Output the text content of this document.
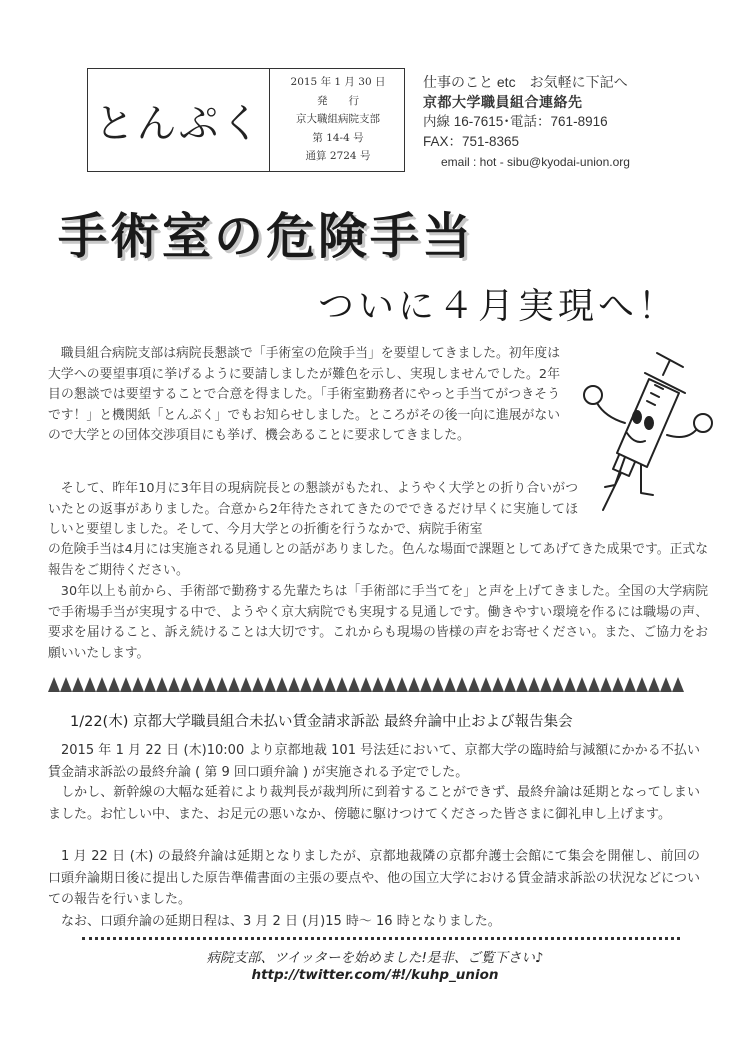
とんぷく
2015 年 1 月 30 日
発　　行
京大職組病院支部
第 14-4 号
通算 2724 号
仕事のこと etc　お気軽に下記へ
京都大学職員組合連絡先
内線 16-7615･電話：761-8916
FAX：751-8365
email : hot - sibu@kyodai-union.org
手術室の危険手当
ついに４月実現へ！

職員組合病院支部は病院長懇談で「手術室の危険手当」を要望してきました。初年度は大学への要望事項に挙げるように要請しましたが難色を示し、実現しませんでした。2年目の懇談では要望することで合意を得ました。「手術室勤務者にやっと手当てがつきそうです！」と機関紙「とんぷく」でもお知らせしました。ところがその後一向に進展がないので大学との団体交渉項目にも挙げ、機会あることに要求してきました。

そして、昨年10月に3年目の現病院長との懇談がもたれ、ようやく大学との折り合いがついたとの返事がありました。合意から2年待たされてきたのでできるだけ早くに実施してほしいと要望しました。そして、今月大学との折衝を行うなかで、病院手術室

の危険手当は4月には実施される見通しとの話がありました。色んな場面で課題としてあげてきた成果です。正式な報告をご期待ください。

30年以上も前から、手術部で勤務する先輩たちは「手術部に手当てを」と声を上げてきました。全国の大学病院で手術場手当が実現する中で、ようやく京大病院でも実現する見通しです。働きやすい環境を作るには職場の声、要求を届けること、訴え続けることは大切です。これからも現場の皆様の声をお寄せください。また、ご協力をお願いいたします。

1/22(木) 京都大学職員組合未払い賃金請求訴訟 最終弁論中止および報告集会

2015 年 1 月 22 日 (木)10:00 より京都地裁 101 号法廷において、京都大学の臨時給与減額にかかる不払い賃金請求訴訟の最終弁論 ( 第 9 回口頭弁論 ) が実施される予定でした。

しかし、新幹線の大幅な延着により裁判長が裁判所に到着することができず、最終弁論は延期となってしまいました。お忙しい中、また、お足元の悪いなか、傍聴に駆けつけてくださった皆さまに御礼申し上げます。

1 月 22 日 (木) の最終弁論は延期となりましたが、京都地裁隣の京都弁護士会館にて集会を開催し、前回の口頭弁論期日後に提出した原告準備書面の主張の要点や、他の国立大学における賃金請求訴訟の状況などについての報告を行いました。

なお、口頭弁論の延期日程は、3 月 2 日 (月)15 時～ 16 時となりました。

病院支部、ツイッターを始めました!是非、ご覧下さい♪
http://twitter.com/#!/kuhp_union
